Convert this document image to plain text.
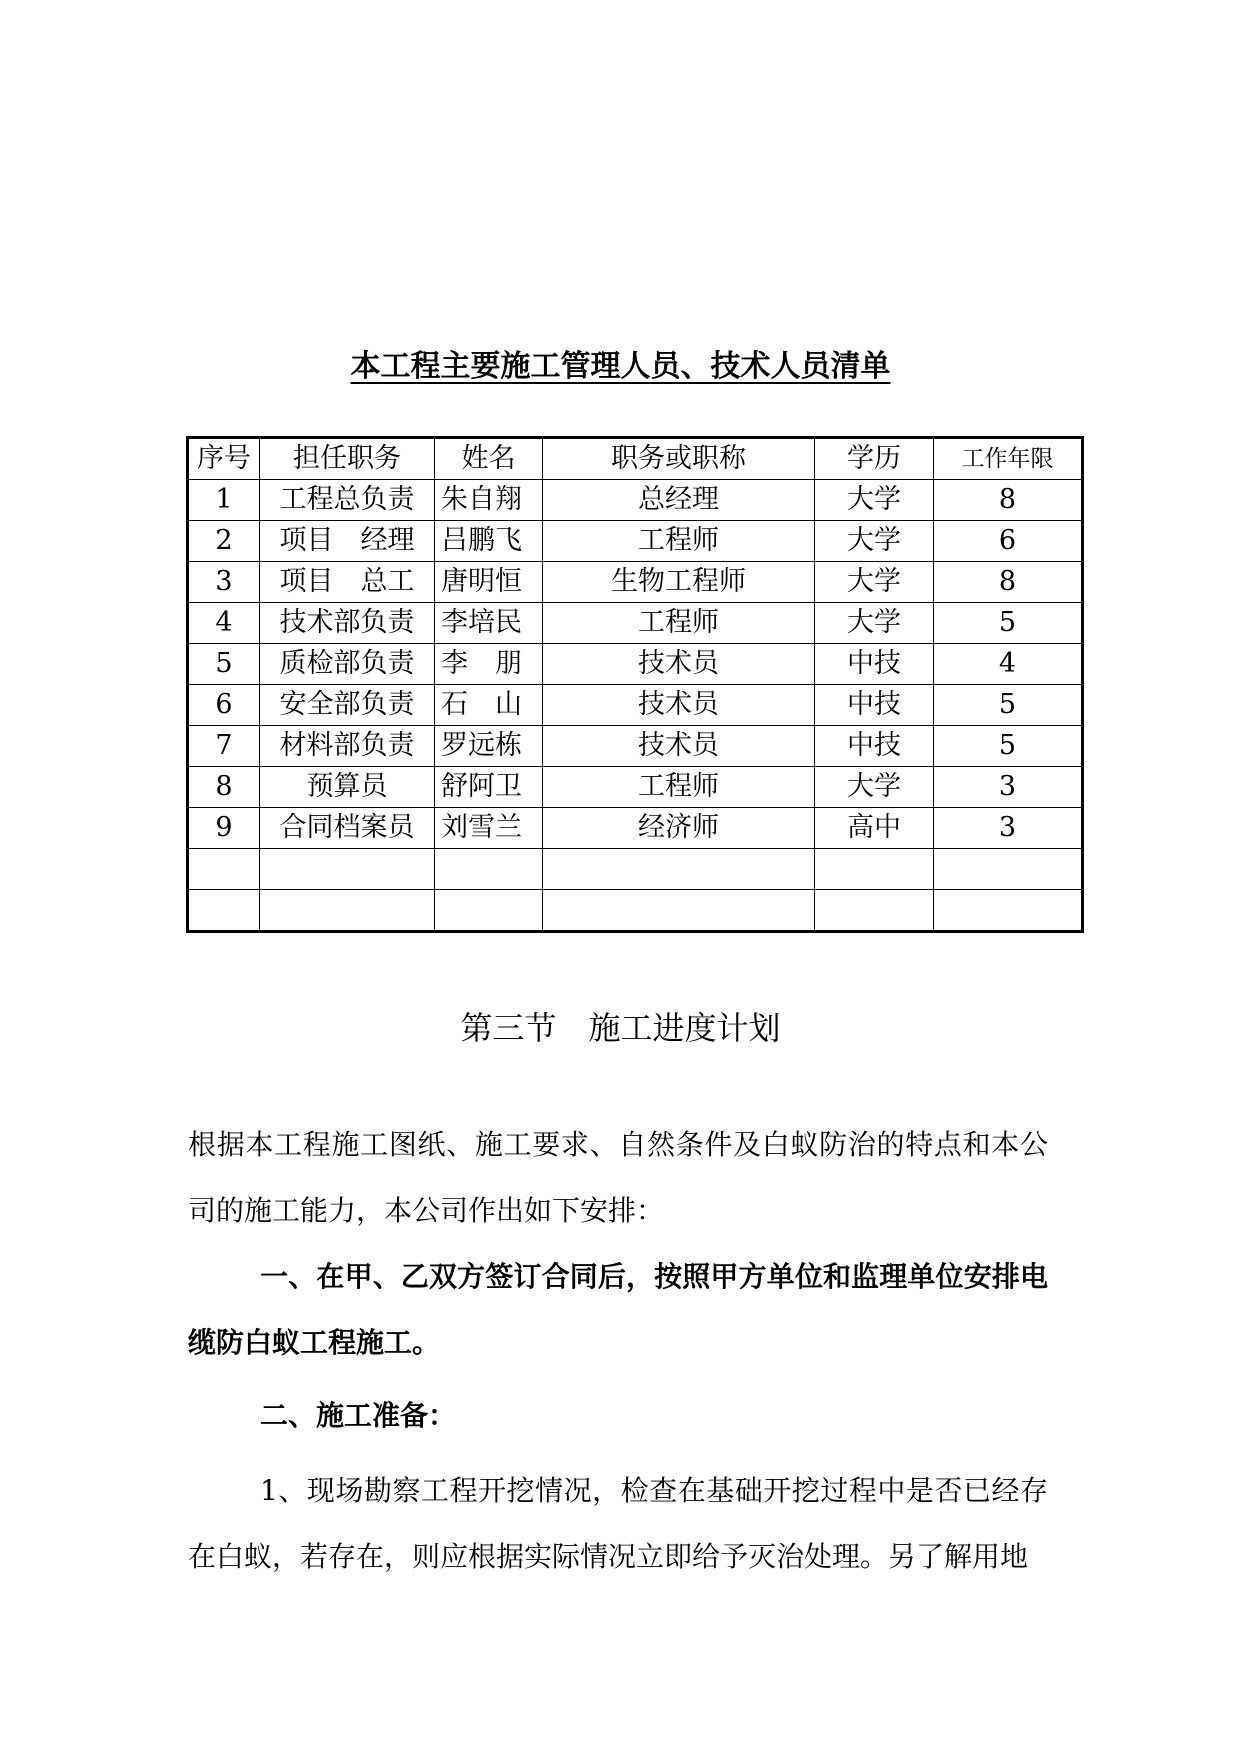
本工程主要施工管理人员、技术人员清单
序号	担任职务	姓名	职务或职称	学历	工作年限
1	工程总负责	朱自翔	总经理	大学	8
2	项目　经理	吕鹏飞	工程师	大学	6
3	项目　总工	唐明恒	生物工程师	大学	8
4	技术部负责	李培民	工程师	大学	5
5	质检部负责	李　朋	技术员	中技	4
6	安全部负责	石　山	技术员	中技	5
7	材料部负责	罗远栋	技术员	中技	5
8	预算员	舒阿卫	工程师	大学	3
9	合同档案员	刘雪兰	经济师	高中	3

第三节　施工进度计划
根据本工程施工图纸、施工要求、自然条件及白蚁防治的特点和本公司的施工能力，本公司作出如下安排：
一、在甲、乙双方签订合同后，按照甲方单位和监理单位安排电缆防白蚁工程施工。
二、施工准备：
1、现场勘察工程开挖情况，检查在基础开挖过程中是否已经存在白蚁，若存在，则应根据实际情况立即给予灭治处理。另了解用地
